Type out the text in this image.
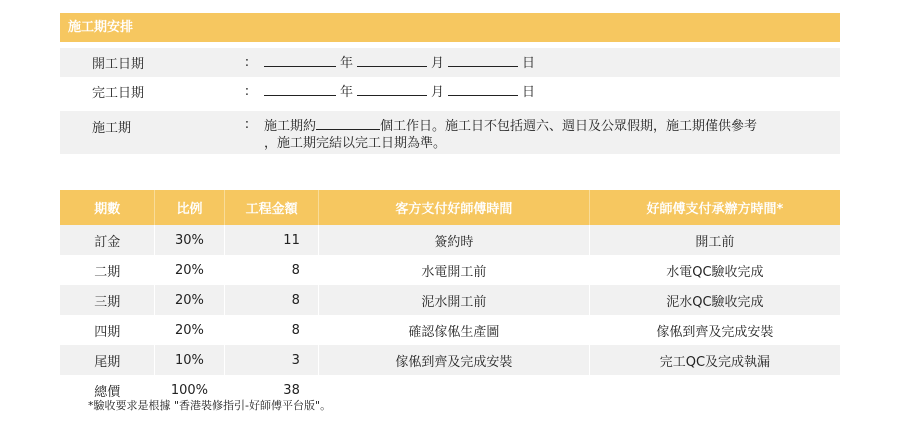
施工期安排
開工日期	:	年	月	日
完工日期	:	年	月	日
施工期	:	施工期約	個工作日。施工日不包括週六、週日及公眾假期，施工期僅供參考
，施工期完結以完工日期為準。
期數	比例	工程金額	客方支付好師傅時間	好師傅支付承辦方時間*
訂金	30%	11	簽約時	開工前
二期	20%	8	水電開工前	水電QC驗收完成
三期	20%	8	泥水開工前	泥水QC驗收完成
四期	20%	8	確認傢俬生產圖	傢俬到齊及完成安裝
尾期	10%	3	傢俬到齊及完成安裝	完工QC及完成執漏
總價	100%	38		
*驗收要求是根據 "香港裝修指引-好師傅平台版"。
